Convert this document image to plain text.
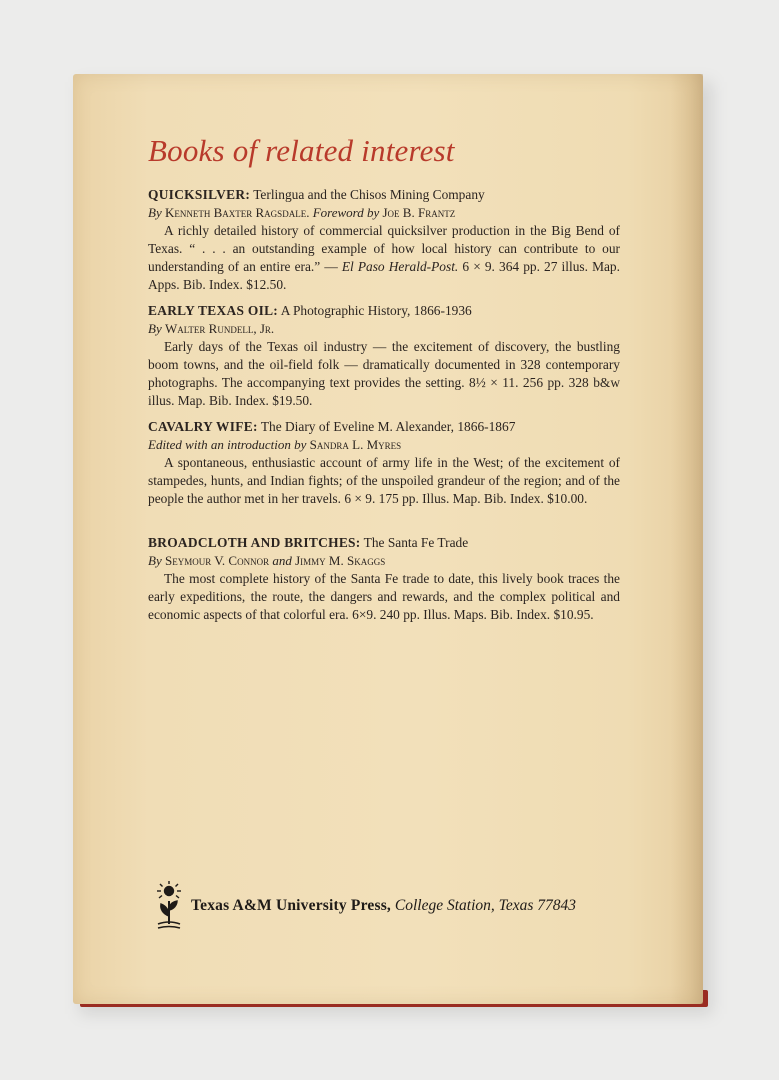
Books of related interest

QUICKSILVER: Terlingua and the Chisos Mining Company

By Kenneth Baxter Ragsdale. Foreword by Joe B. Frantz

A richly detailed history of commercial quicksilver production in the Big Bend of Texas. “ . . . an outstanding example of how local history can contribute to our understanding of an entire era.” — El Paso Herald-Post. 6 × 9. 364 pp. 27 illus. Map. Apps. Bib. Index. $12.50.

EARLY TEXAS OIL: A Photographic History, 1866-1936

By Walter Rundell, Jr.

Early days of the Texas oil industry — the excitement of discovery, the bustling boom towns, and the oil-field folk — dramatically documented in 328 contemporary photographs. The accompanying text provides the setting. 8½ × 11. 256 pp. 328 b&w illus. Map. Bib. Index. $19.50.

CAVALRY WIFE: The Diary of Eveline M. Alexander, 1866-1867

Edited with an introduction by Sandra L. Myres

A spontaneous, enthusiastic account of army life in the West; of the excitement of stampedes, hunts, and Indian fights; of the unspoiled grandeur of the region; and of the people the author met in her travels. 6 × 9. 175 pp. Illus. Map. Bib. Index. $10.00.

BROADCLOTH AND BRITCHES: The Santa Fe Trade

By Seymour V. Connor and Jimmy M. Skaggs

The most complete history of the Santa Fe trade to date, this lively book traces the early expeditions, the route, the dangers and rewards, and the complex political and economic aspects of that colorful era. 6×9. 240 pp. Illus. Maps. Bib. Index. $10.95.

Texas A&M University Press,
College Station, Texas 77843
